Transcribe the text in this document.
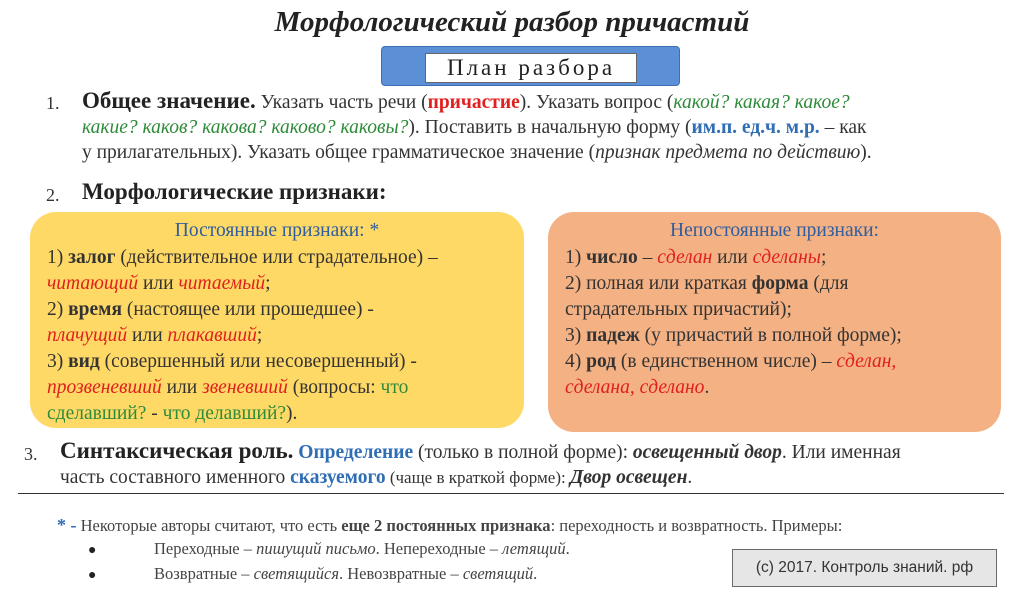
Морфологический разбор причастий
План разбора
1. Общее значение. Указать часть речи (причастие). Указать вопрос (какой? какая? какое?
какие? каков? какова? каково? каковы?). Поставить в начальную форму (им.п. ед.ч. м.р. – как
у прилагательных). Указать общее грамматическое значение (признак предмета по действию).
2. Морфологические признаки:
Постоянные признаки: *
1) залог (действительное или страдательное) –
читающий или читаемый;
2) время (настоящее или прошедшее) -
плачущий или плакавший;
3) вид (совершенный или несовершенный) -
прозвеневший или звеневший (вопросы: что
сделавший? - что делавший?).
Непостоянные признаки:
1) число – сделан или сделаны;
2) полная или краткая форма (для
страдательных причастий);
3) падеж (у причастий в полной форме);
4) род (в единственном числе) – сделан,
сделана, сделано.
3. Синтаксическая роль. Определение (только в полной форме): освещенный двор. Или именная
часть составного именного сказуемого (чаще в краткой форме): Двор освещен.
* - Некоторые авторы считают, что есть еще 2 постоянных признака: переходность и возвратность. Примеры:
●	Переходные – пишущий письмо. Непереходные – летящий.
●	Возвратные – светящийся. Невозвратные – светящий.	(с) 2017. Контроль знаний. рф
